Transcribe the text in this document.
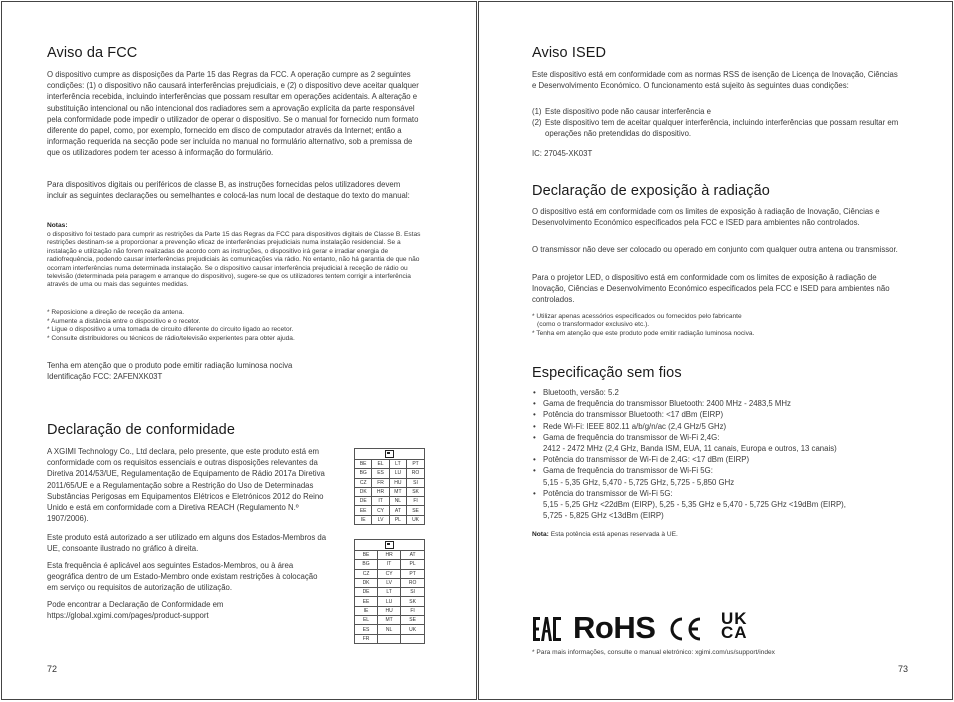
Aviso da FCC

O dispositivo cumpre as disposições da Parte 15 das Regras da FCC. A operação cumpre as 2 seguintes condições: (1) o dispositivo não causará interferências prejudiciais, e (2) o dispositivo deve aceitar qualquer interferência recebida, incluindo interferências que possam resultar em operações acidentais. A alteração e substituição intencional ou não intencional dos radiadores sem a aprovação explícita da parte responsável pela conformidade pode impedir o utilizador de operar o dispositivo. Se o manual for fornecido num formato diferente do papel, como, por exemplo, fornecido em disco de computador através da Internet; então a informação requerida na secção pode ser incluída no manual no formulário alternativo, sob a premissa de que os utilizadores podem ter acesso à informação do formulário.

Para dispositivos digitais ou periféricos de classe B, as instruções fornecidas pelos utilizadores devem incluir as seguintes declarações ou semelhantes e colocá-las num local de destaque do texto do manual:

Notas:

o dispositivo foi testado para cumprir as restrições da Parte 15 das Regras da FCC para dispositivos digitais de Classe B. Estas restrições destinam-se a proporcionar a prevenção eficaz de interferências prejudiciais numa instalação residencial. Se a instalação e utilização não forem realizadas de acordo com as instruções, o dispositivo irá gerar e irradiar energia de radiofrequência, podendo causar interferências prejudiciais às comunicações via rádio. No entanto, não há garantia de que não ocorram interferências numa determinada instalação. Se o dispositivo causar interferência prejudicial à receção de rádio ou televisão (determinada pela paragem e arranque do dispositivo), sugere-se que os utilizadores tentem corrigir a interferência através de uma ou mais das seguintes medidas.

* Reposicione a direção de receção da antena.
* Aumente a distância entre o dispositivo e o recetor.
* Ligue o dispositivo a uma tomada de circuito diferente do circuito ligado ao recetor.
* Consulte distribuidores ou técnicos de rádio/televisão experientes para obter ajuda.

Tenha em atenção que o produto pode emitir radiação luminosa nociva

Identificação FCC: 2AFENXK03T

Declaração de conformidade

A XGIMI Technology Co., Ltd declara, pelo presente, que este produto está em conformidade com os requisitos essenciais e outras disposições relevantes da Diretiva 2014/53/UE, Regulamentação de Equipamento de Rádio 2017a Diretiva 2011/65/UE e a Regulamentação sobre a Restrição do Uso de Determinadas Substâncias Perigosas em Equipamentos Elétricos e Eletrónicos 2012 do Reino Unido e está em conformidade com a Diretiva REACH (Regulamento N.º 1907/2006).

Este produto está autorizado a ser utilizado em alguns dos Estados-Membros da UE, consoante ilustrado no gráfico à direita.

Esta frequência é aplicável aos seguintes Estados-Membros, ou à área geográfica dentro de um Estado-Membro onde existam restrições à colocação em serviço ou requisitos de autorização de utilização.

Pode encontrar a Declaração de Conformidade em https://global.xgimi.com/pages/product-support

BE	EL	LT	PT
BG	ES	LU	RO
CZ	FR	HU	SI
DK	HR	MT	SK
DE	IT	NL	FI
EE	CY	AT	SE
IE	LV	PL	UK

BE	HR	AT
BG	IT	PL
CZ	CY	PT
DK	LV	RO
DE	LT	SI
EE	LU	SK
IE	HU	FI
EL	MT	SE
ES	NL	UK
FR		
72
Aviso ISED

Este dispositivo está em conformidade com as normas RSS de isenção de Licença de Inovação, Ciências e Desenvolvimento Económico. O funcionamento está sujeito às seguintes duas condições:

(1) Este dispositivo pode não causar interferência e
(2) Este dispositivo tem de aceitar qualquer interferência, incluindo interferências que possam resultar em operações não pretendidas do dispositivo.

IC: 27045-XK03T

Declaração de exposição à radiação

O dispositivo está em conformidade com os limites de exposição à radiação de Inovação, Ciências e Desenvolvimento Económico especificados pela FCC e ISED para ambientes não controlados.

O transmissor não deve ser colocado ou operado em conjunto com qualquer outra antena ou transmissor.

Para o projetor LED, o dispositivo está em conformidade com os limites de exposição à radiação de Inovação, Ciências e Desenvolvimento Económico especificados pela FCC e ISED para ambientes não controlados.

* Utilizar apenas acessórios especificados ou fornecidos pelo fabricante
(como o transformador exclusivo etc.).
* Tenha em atenção que este produto pode emitir radiação luminosa nociva.
Especificação sem fios
• Bluetooth, versão: 5.2
• Gama de frequência do transmissor Bluetooth: 2400 MHz - 2483,5 MHz
• Potência do transmissor Bluetooth: <17 dBm (EIRP)
• Rede Wi-Fi: IEEE 802.11 a/b/g/n/ac (2,4 GHz/5 GHz)
• Gama de frequência do transmissor de Wi-Fi 2,4G:
2412 - 2472 MHz (2,4 GHz, Banda ISM, EUA, 11 canais, Europa e outros, 13 canais)
• Potência do transmissor de Wi-Fi de 2,4G: <17 dBm (EIRP)
• Gama de frequência do transmissor de Wi-Fi 5G:
5,15 - 5,35 GHz, 5,470 - 5,725 GHz, 5,725 - 5,850 GHz
• Potência do transmissor de Wi-Fi 5G:
5,15 - 5,25 GHz <22dBm (EIRP), 5,25 - 5,35 GHz e 5,470 - 5,725 GHz <19dBm (EIRP),
5,725 - 5,825 GHz <13dBm (EIRP)

Nota: Esta potência está apenas reservada à UE.

RoHS	UK
CA

* Para mais informações, consulte o manual eletrónico: xgimi.com/us/support/index

73
